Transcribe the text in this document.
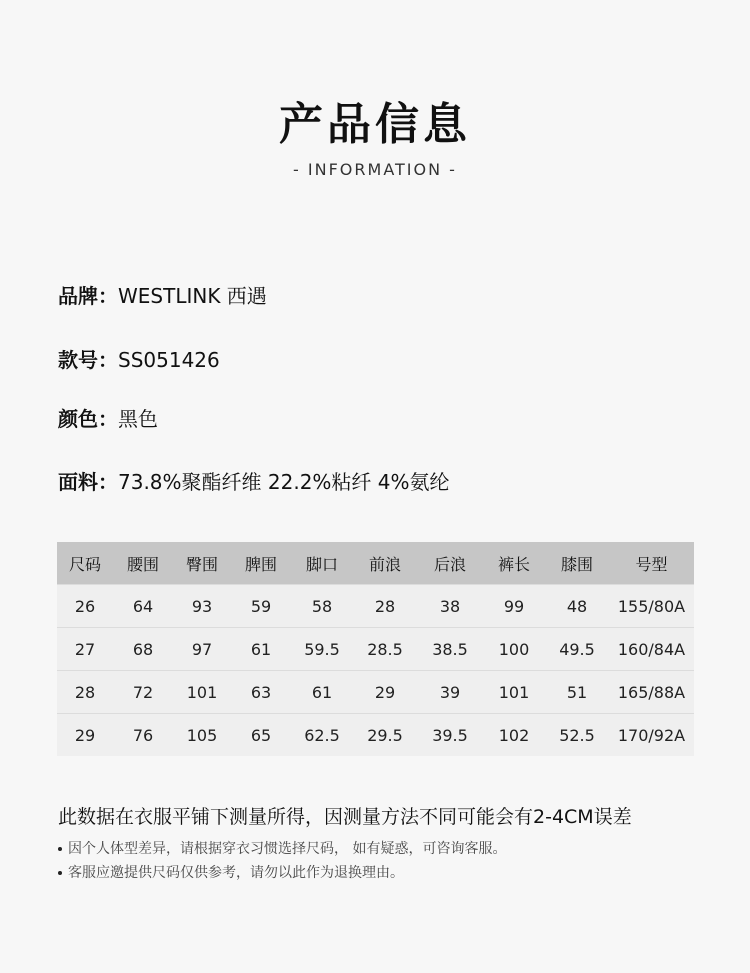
产品信息
- INFORMATION -
品牌：WESTLINK 西遇
款号：SS051426
颜色：黑色
面料：73.8%聚酯纤维 22.2%粘纤 4%氨纶
尺码	腰围	臀围	脾围	脚口	前浪	后浪	裤长	膝围	号型
26	64	93	59	58	28	38	99	48	155/80A
27	68	97	61	59.5	28.5	38.5	100	49.5	160/84A
28	72	101	63	61	29	39	101	51	165/88A
29	76	105	65	62.5	29.5	39.5	102	52.5	170/92A
此数据在衣服平铺下测量所得，因测量方法不同可能会有2-4CM误差
因个人体型差异，请根据穿衣习惯选择尺码， 如有疑惑，可咨询客服。
客服应邀提供尺码仅供参考，请勿以此作为退换理由。
